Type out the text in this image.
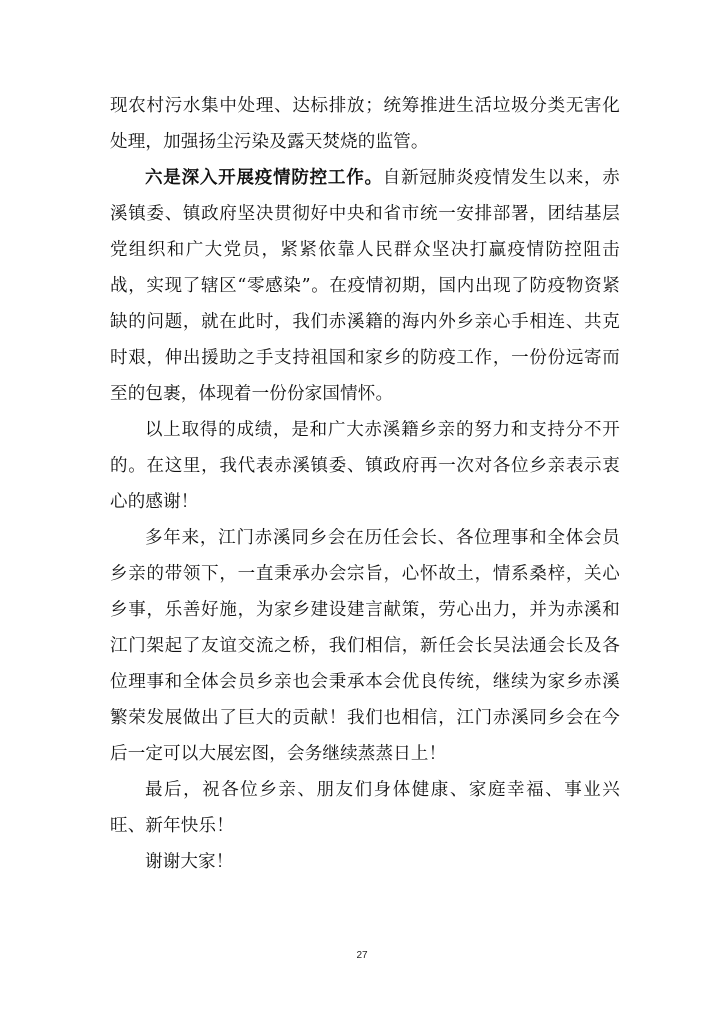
现农村污水集中处理、达标排放；统筹推进生活垃圾分类无害化处理，加强扬尘污染及露天焚烧的监管。

六是深入开展疫情防控工作。自新冠肺炎疫情发生以来，赤溪镇委、镇政府坚决贯彻好中央和省市统一安排部署，团结基层党组织和广大党员，紧紧依靠人民群众坚决打赢疫情防控阻击战，实现了辖区“零感染”。在疫情初期，国内出现了防疫物资紧缺的问题，就在此时，我们赤溪籍的海内外乡亲心手相连、共克时艰，伸出援助之手支持祖国和家乡的防疫工作，一份份远寄而至的包裹，体现着一份份家国情怀。

以上取得的成绩，是和广大赤溪籍乡亲的努力和支持分不开的。在这里，我代表赤溪镇委、镇政府再一次对各位乡亲表示衷心的感谢！

多年来，江门赤溪同乡会在历任会长、各位理事和全体会员乡亲的带领下，一直秉承办会宗旨，心怀故土，情系桑梓，关心乡事，乐善好施，为家乡建设建言献策，劳心出力，并为赤溪和江门架起了友谊交流之桥，我们相信，新任会长吴法通会长及各位理事和全体会员乡亲也会秉承本会优良传统，继续为家乡赤溪繁荣发展做出了巨大的贡献！我们也相信，江门赤溪同乡会在今后一定可以大展宏图，会务继续蒸蒸日上！

最后，祝各位乡亲、朋友们身体健康、家庭幸福、事业兴旺、新年快乐！

谢谢大家！

27
